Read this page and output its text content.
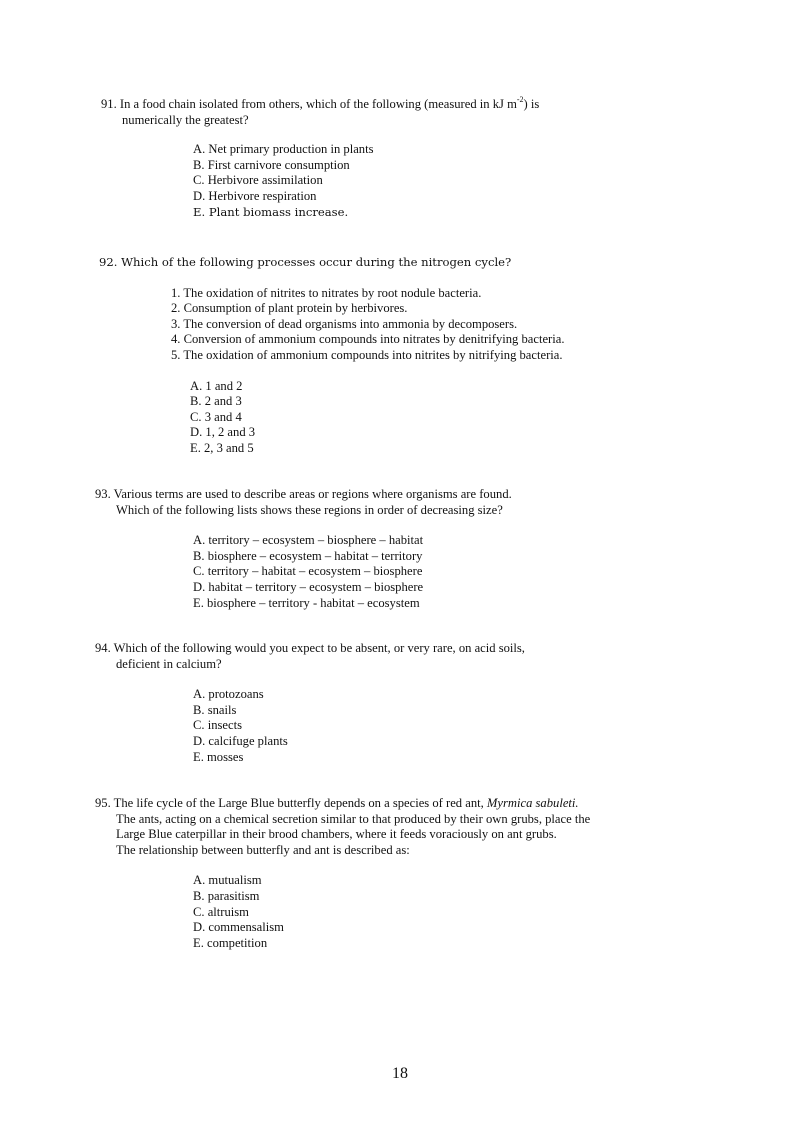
91. In a food chain isolated from others, which of the following (measured in kJ $m^{-2}$) is
numerically the greatest?

A. Net primary production in plants
B. First carnivore consumption
C. Herbivore assimilation
D. Herbivore respiration
E. Plant biomass increase.

92. Which of the following processes occur during the nitrogen cycle?

1. The oxidation of nitrites to nitrates by root nodule bacteria.
2. Consumption of plant protein by herbivores.
3. The conversion of dead organisms into ammonia by decomposers.
4. Conversion of ammonium compounds into nitrates by denitrifying bacteria.
5. The oxidation of ammonium compounds into nitrites by nitrifying bacteria.
A. 1 and 2
B. 2 and 3
C. 3 and 4
D. 1, 2 and 3
E. 2, 3 and 5

93. Various terms are used to describe areas or regions where organisms are found.
Which of the following lists shows these regions in order of decreasing size?

A. territory – ecosystem – biosphere – habitat
B. biosphere – ecosystem – habitat – territory
C. territory – habitat – ecosystem – biosphere
D. habitat – territory – ecosystem – biosphere
E. biosphere – territory - habitat – ecosystem

94. Which of the following would you expect to be absent, or very rare, on acid soils,
deficient in calcium?

A. protozoans
B. snails
C. insects
D. calcifuge plants
E. mosses

95. The life cycle of the Large Blue butterfly depends on a species of red ant, Myrmica sabuleti.
The ants, acting on a chemical secretion similar to that produced by their own grubs, place the
Large Blue caterpillar in their brood chambers, where it feeds voraciously on ant grubs.
The relationship between butterfly and ant is described as:

A. mutualism
B. parasitism
C. altruism
D. commensalism
E. competition
18
